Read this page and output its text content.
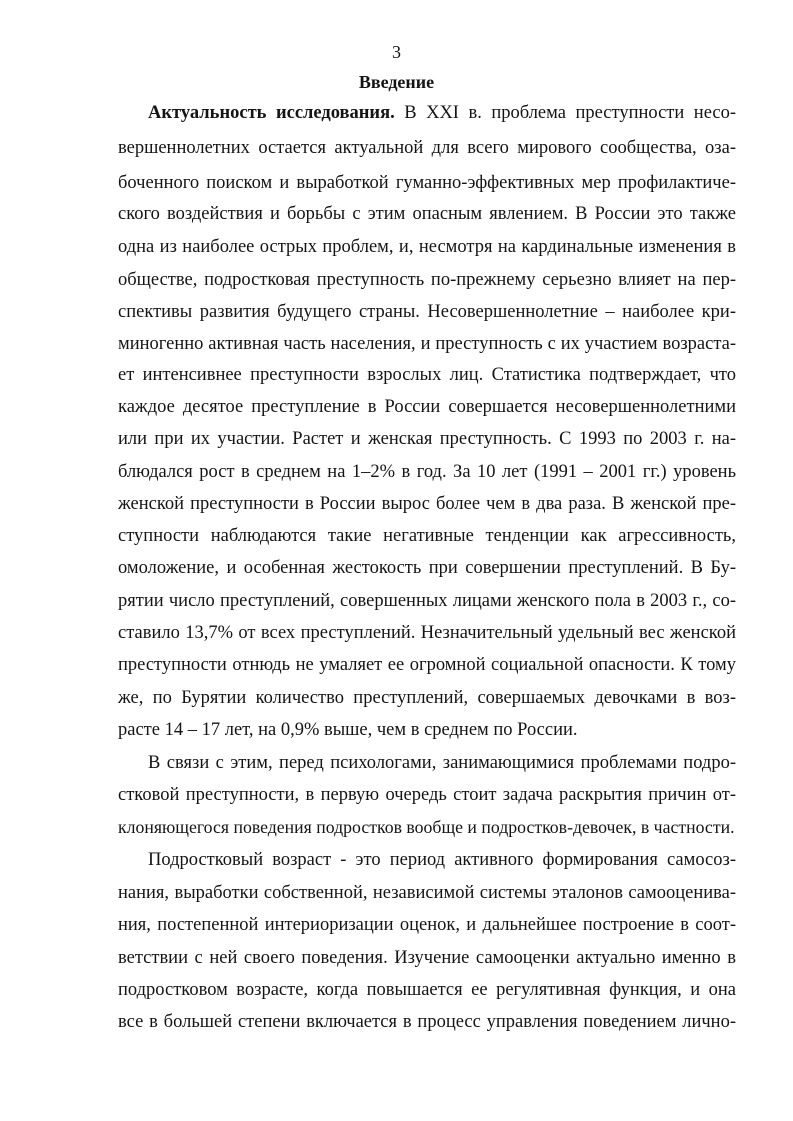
3
Введение
Актуальность исследования. В XXI в. проблема преступности несо-
вершеннолетних остается актуальной для всего мирового сообщества, оза-
боченного поиском и выработкой гуманно-эффективных мер профилактиче-
ского воздействия и борьбы с этим опасным явлением. В России это также
одна из наиболее острых проблем, и, несмотря на кардинальные изменения в
обществе, подростковая преступность по-прежнему серьезно влияет на пер-
спективы развития будущего страны. Несовершеннолетние – наиболее кри-
миногенно активная часть населения, и преступность с их участием возраста-
ет интенсивнее преступности взрослых лиц. Статистика подтверждает, что
каждое десятое преступление в России совершается несовершеннолетними
или при их участии. Растет и женская преступность. С 1993 по 2003 г. на-
блюдался рост в среднем на 1–2% в год. За 10 лет (1991 – 2001 гг.) уровень
женской преступности в России вырос более чем в два раза. В женской пре-
ступности наблюдаются такие негативные тенденции как агрессивность,
омоложение, и особенная жестокость при совершении преступлений. В Бу-
рятии число преступлений, совершенных лицами женского пола в 2003 г., со-
ставило 13,7% от всех преступлений. Незначительный удельный вес женской
преступности отнюдь не умаляет ее огромной социальной опасности. К тому
же, по Бурятии количество преступлений, совершаемых девочками в воз-
расте 14 – 17 лет, на 0,9% выше, чем в среднем по России.
В связи с этим, перед психологами, занимающимися проблемами подро-
стковой преступности, в первую очередь стоит задача раскрытия причин от-
клоняющегося поведения подростков вообще и подростков-девочек, в частности.
Подростковый возраст - это период активного формирования самосоз-
нания, выработки собственной, независимой системы эталонов самооценива-
ния, постепенной интериоризации оценок, и дальнейшее построение в соот-
ветствии с ней своего поведения. Изучение самооценки актуально именно в
подростковом возрасте, когда повышается ее регулятивная функция, и она
все в большей степени включается в процесс управления поведением лично-
